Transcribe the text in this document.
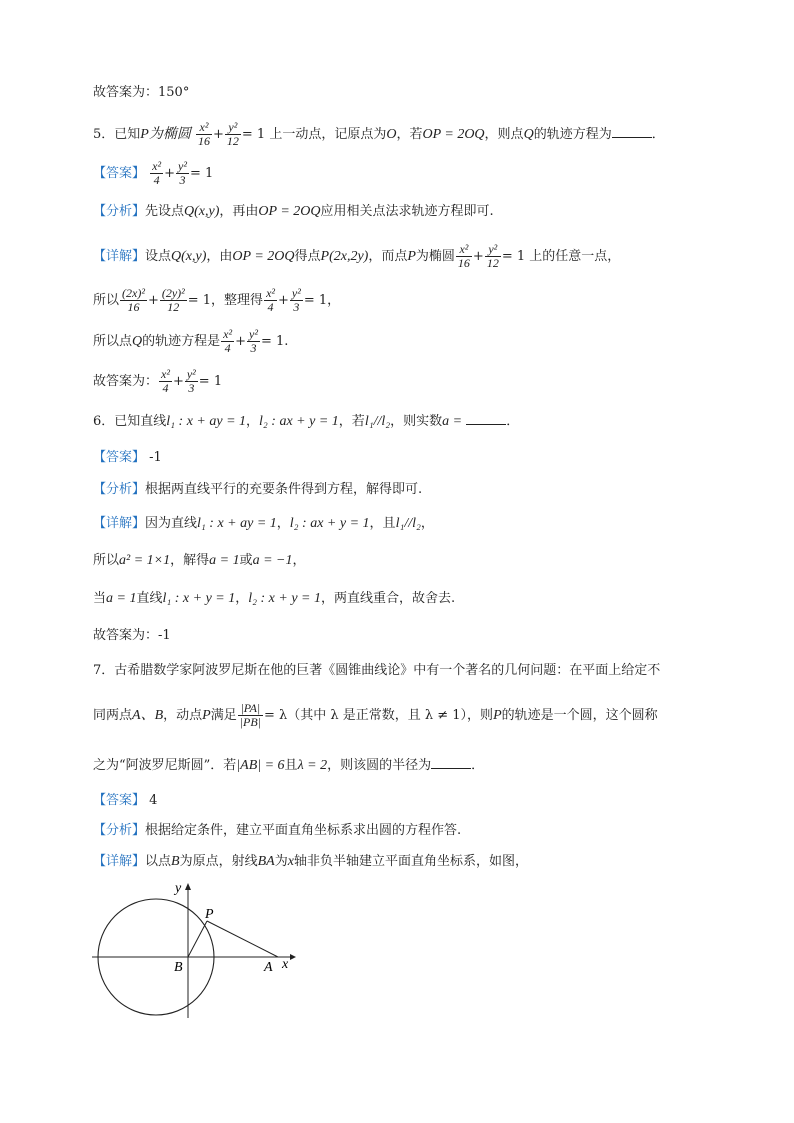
故答案为：150°
5．已知P为椭圆 $\frac{\text{x²}}{16} + \frac{\text{y²}}{12} = 1$ 上一动点，记原点为O，若OP = 2OQ，则点Q的轨迹方程为	．
【答案】 $\frac{\text{x²}}{4} + \frac{\text{y²}}{3} = 1$
【分析】先设点Q(x,y)，再由OP = 2OQ应用相关点法求轨迹方程即可.
【详解】设点Q(x,y)，由OP = 2OQ得点P(2x,2y)，而点P为椭圆 $\frac{\text{x²}}{16} + \frac{\text{y²}}{12} = 1$ 上的任意一点，
所以 $\frac{\text{(2x)²}}{16} + \frac{\text{(2y)²}}{12} = 1$，整理得 $\frac{\text{x²}}{4} + \frac{\text{y²}}{3} = 1$，
所以点Q的轨迹方程是 $\frac{\text{x²}}{4} + \frac{\text{y²}}{3} = 1$.
故答案为： $\frac{\text{x²}}{4} + \frac{\text{y²}}{3} = 1$
6．已知直线l₁ : x + ay = 1，l₂ : ax + y = 1，若l₁//l₂，则实数a =	．
【答案】 -1
【分析】根据两直线平行的充要条件得到方程，解得即可.
【详解】因为直线l₁ : x + ay = 1，l₂ : ax + y = 1，且l₁//l₂，
所以a² = 1×1，解得a = 1或a = −1，
当a = 1直线l₁ : x + y = 1，l₂ : x + y = 1，两直线重合，故舍去.
故答案为：-1
7．古希腊数学家阿波罗尼斯在他的巨著《圆锥曲线论》中有一个著名的几何问题：在平面上给定不
同两点A、B，动点P满足 $\frac{|PA|}{|PB|} = \lambda$（其中 λ 是正常数，且 λ ≠ 1），则P的轨迹是一个圆，这个圆称
之为“阿波罗尼斯圆”．若|AB| = 6且λ = 2，则该圆的半径为	．
【答案】 4
【分析】根据给定条件，建立平面直角坐标系求出圆的方程作答.
【详解】以点B为原点，射线BA为x轴非负半轴建立平面直角坐标系，如图，
y
P
B	A x
